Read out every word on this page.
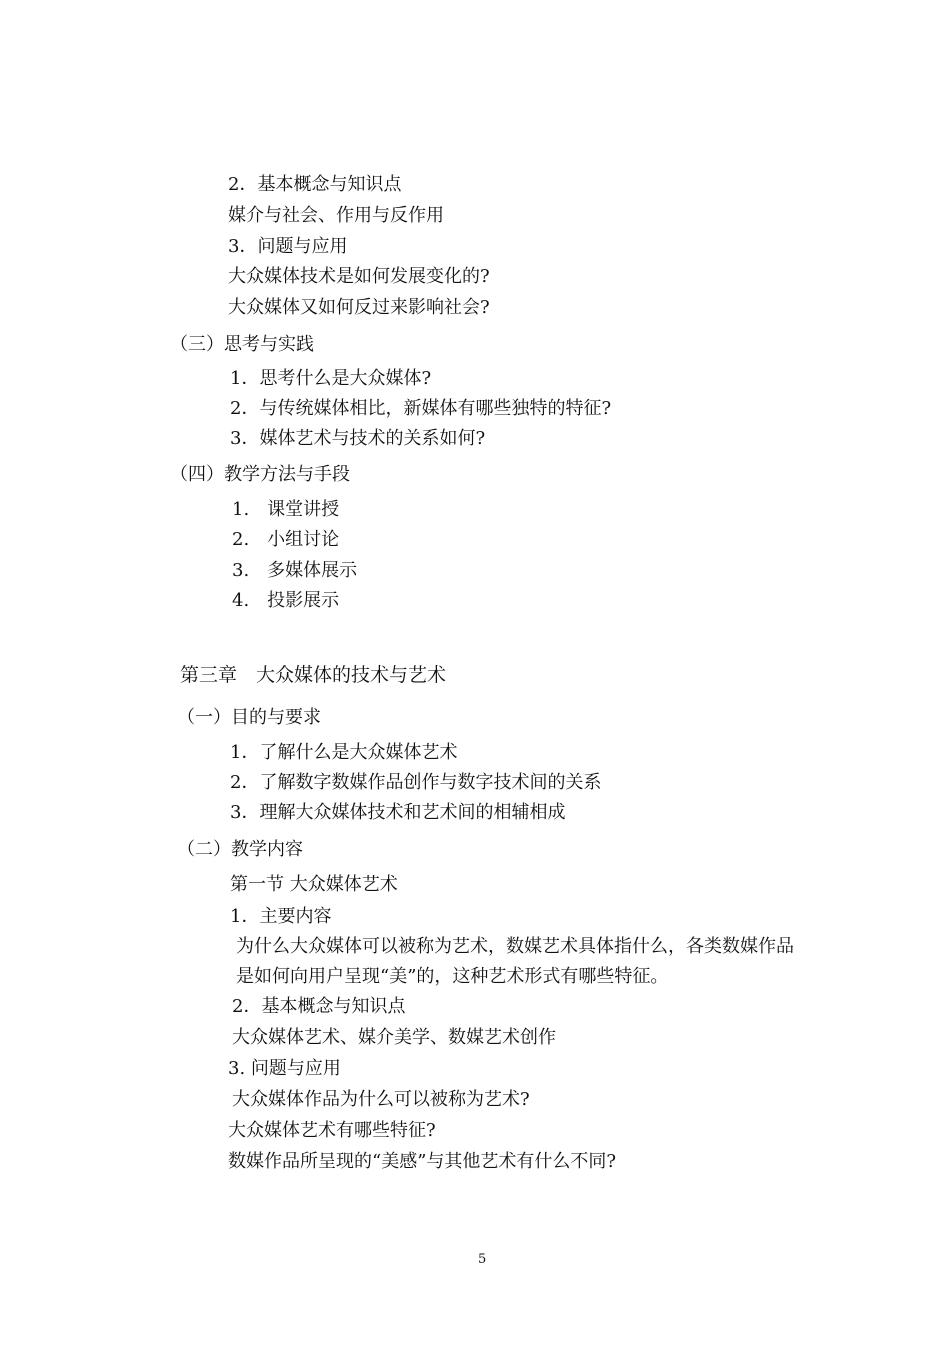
2．基本概念与知识点
媒介与社会、作用与反作用
3．问题与应用
大众媒体技术是如何发展变化的?
大众媒体又如何反过来影响社会?
（三）思考与实践
1．思考什么是大众媒体?
2．与传统媒体相比，新媒体有哪些独特的特征?
3．媒体艺术与技术的关系如何?
（四）教学方法与手段
1.　课堂讲授
2.　小组讨论
3.　多媒体展示
4.　投影展示
第三章　大众媒体的技术与艺术
（一）目的与要求
1．了解什么是大众媒体艺术
2．了解数字数媒作品创作与数字技术间的关系
3．理解大众媒体技术和艺术间的相辅相成
（二）教学内容
第一节 大众媒体艺术
1．主要内容
为什么大众媒体可以被称为艺术，数媒艺术具体指什么，各类数媒作品
是如何向用户呈现“美”的，这种艺术形式有哪些特征。
2．基本概念与知识点
大众媒体艺术、媒介美学、数媒艺术创作
3. 问题与应用
大众媒体作品为什么可以被称为艺术?
大众媒体艺术有哪些特征?
数媒作品所呈现的“美感”与其他艺术有什么不同?
5
